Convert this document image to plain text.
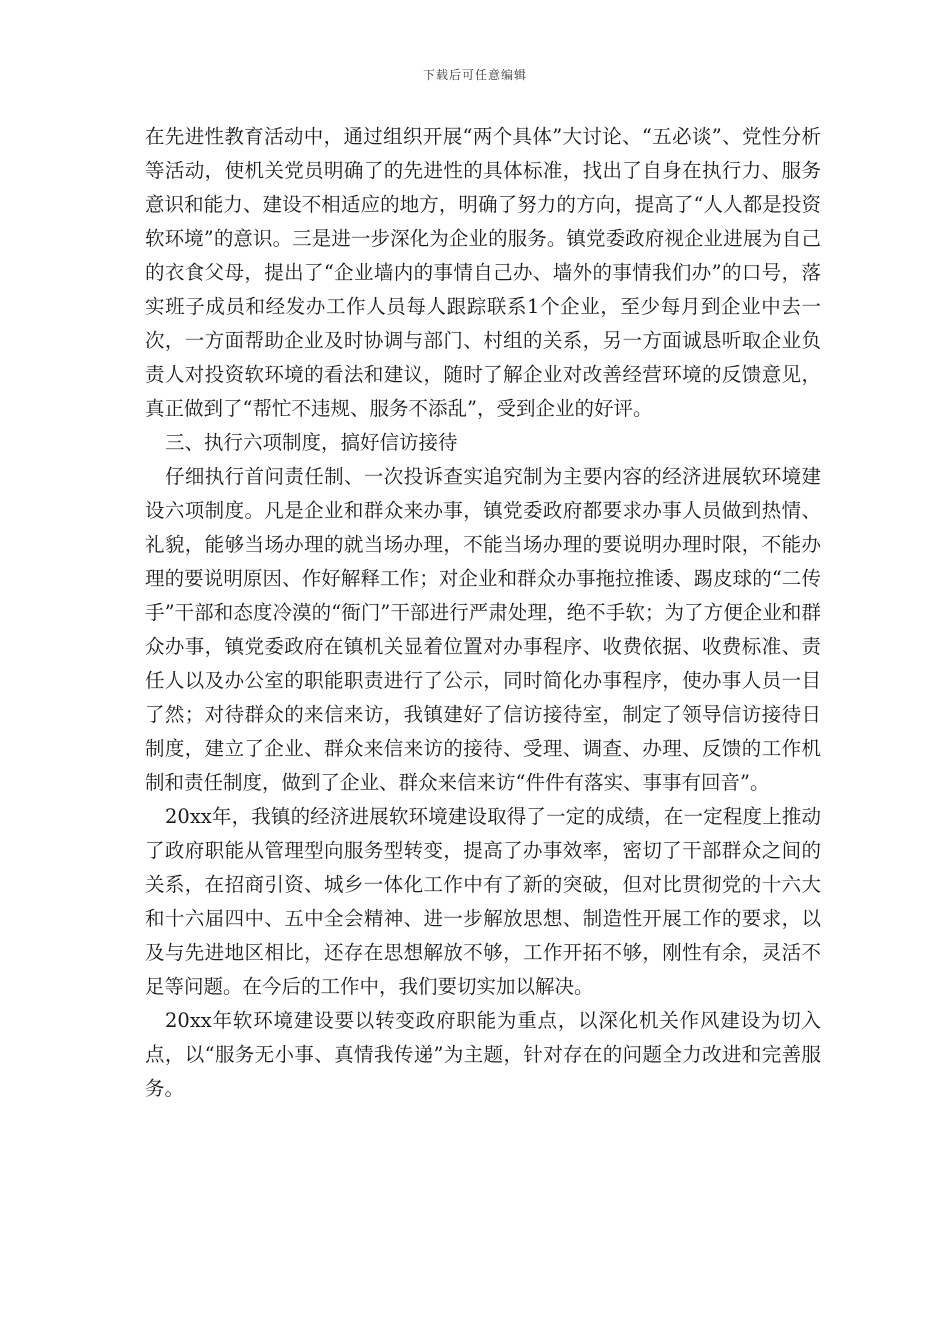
下载后可任意编辑

在先进性教育活动中，通过组织开展“两个具体”大讨论、“五必谈”、党性分析等活动，使机关党员明确了的先进性的具体标准，找出了自身在执行力、服务意识和能力、建设不相适应的地方，明确了努力的方向，提高了“人人都是投资软环境”的意识。三是进一步深化为企业的服务。镇党委政府视企业进展为自己的衣食父母，提出了“企业墙内的事情自己办、墙外的事情我们办”的口号，落实班子成员和经发办工作人员每人跟踪联系1个企业，至少每月到企业中去一次，一方面帮助企业及时协调与部门、村组的关系，另一方面诚恳听取企业负责人对投资软环境的看法和建议，随时了解企业对改善经营环境的反馈意见，真正做到了“帮忙不违规、服务不添乱”，受到企业的好评。

三、执行六项制度，搞好信访接待

仔细执行首问责任制、一次投诉查实追究制为主要内容的经济进展软环境建设六项制度。凡是企业和群众来办事，镇党委政府都要求办事人员做到热情、礼貌，能够当场办理的就当场办理，不能当场办理的要说明办理时限，不能办理的要说明原因、作好解释工作；对企业和群众办事拖拉推诿、踢皮球的“二传手”干部和态度冷漠的“衙门”干部进行严肃处理，绝不手软；为了方便企业和群众办事，镇党委政府在镇机关显着位置对办事程序、收费依据、收费标准、责任人以及办公室的职能职责进行了公示，同时简化办事程序，使办事人员一目了然；对待群众的来信来访，我镇建好了信访接待室，制定了领导信访接待日制度，建立了企业、群众来信来访的接待、受理、调查、办理、反馈的工作机制和责任制度，做到了企业、群众来信来访“件件有落实、事事有回音”。

20xx年，我镇的经济进展软环境建设取得了一定的成绩，在一定程度上推动了政府职能从管理型向服务型转变，提高了办事效率，密切了干部群众之间的关系，在招商引资、城乡一体化工作中有了新的突破，但对比贯彻党的十六大和十六届四中、五中全会精神、进一步解放思想、制造性开展工作的要求，以及与先进地区相比，还存在思想解放不够，工作开拓不够，刚性有余，灵活不足等问题。在今后的工作中，我们要切实加以解决。

20xx年软环境建设要以转变政府职能为重点，以深化机关作风建设为切入点，以“服务无小事、真情我传递”为主题，针对存在的问题全力改进和完善服务。
